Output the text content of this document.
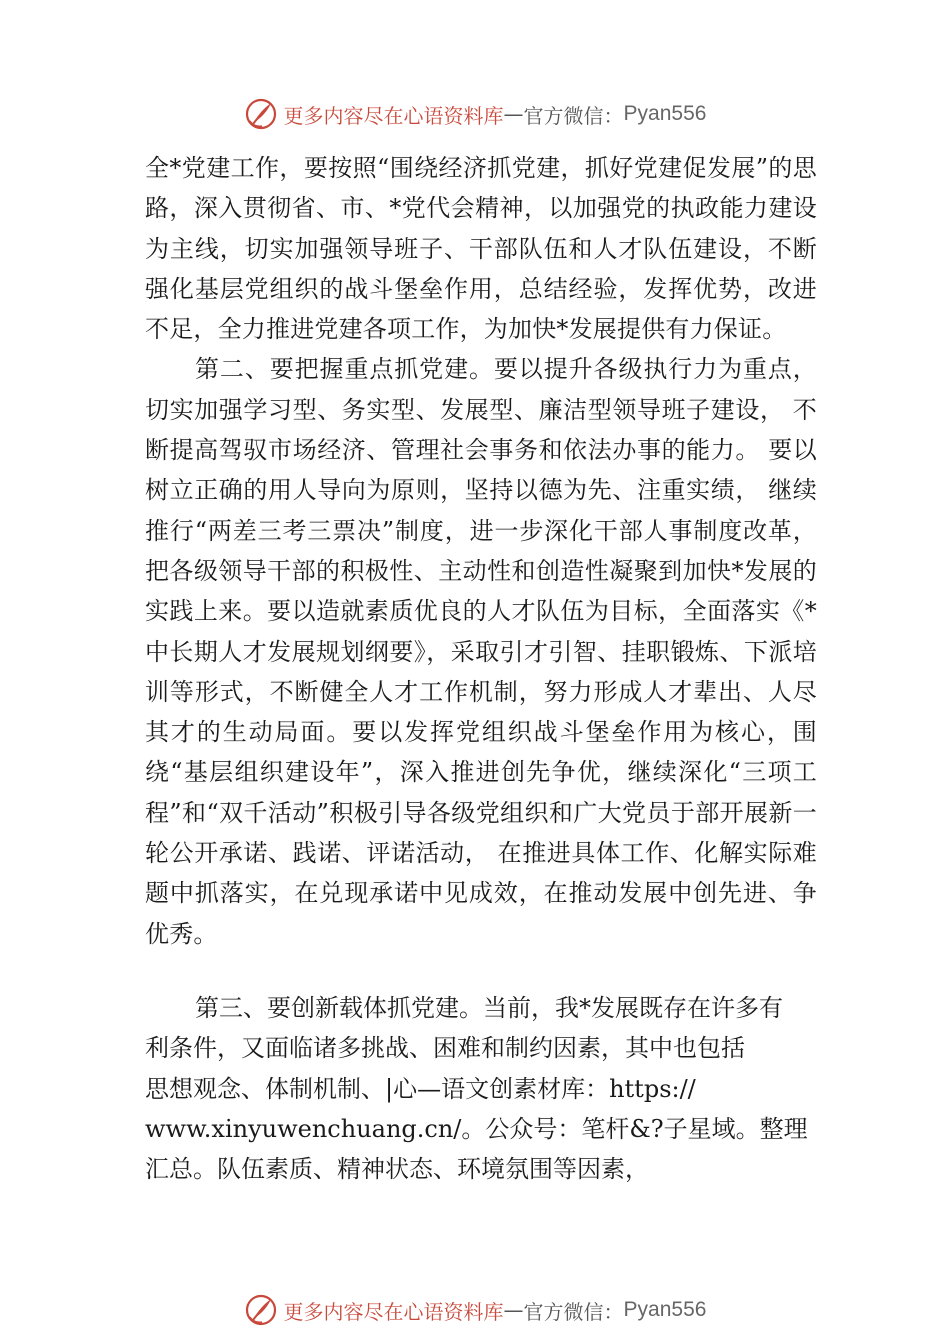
更多内容尽在心语资料库 — 官方微信： Pyan556

全*党建工作，要按照“围绕经济抓党建，抓好党建促发展”的思路，深入贯彻省、市、*党代会精神，以加强党的执政能力建设为主线，切实加强领导班子、干部队伍和人才队伍建设，不断强化基层党组织的战斗堡垒作用，总结经验，发挥优势，改进不足，全力推进党建各项工作，为加快*发展提供有力保证。

第二、要把握重点抓党建。要以提升各级执行力为重点，切实加强学习型、务实型、发展型、廉洁型领导班子建设， 不断提高驾驭市场经济、管理社会事务和依法办事的能力。 要以树立正确的用人导向为原则，坚持以德为先、注重实绩， 继续推行“两差三考三票决”制度，进一步深化干部人事制度改革，把各级领导干部的积极性、主动性和创造性凝聚到加快*发展的实践上来。要以造就素质优良的人才队伍为目标，全面落实《*中长期人才发展规划纲要》，采取引才引智、挂职锻炼、下派培训等形式，不断健全人才工作机制，努力形成人才辈出、人尽其才的生动局面。要以发挥党组织战斗堡垒作用为核心，围绕“基层组织建设年”，深入推进创先争优，继续深化“三项工程”和“双千活动”积极引导各级党组织和广大党员于部开展新一轮公开承诺、践诺、评诺活动， 在推进具体工作、化解实际难题中抓落实，在兑现承诺中见成效，在推动发展中创先进、争优秀。

第三、要创新载体抓党建。当前，我*发展既存在许多有
利条件，又面临诸多挑战、困难和制约因素，其中也包括
思想观念、体制机制、|心—语文创素材库：https://
www.xinyuwenchuang.cn/。公众号：笔杆&?子星域。整理
汇总。队伍素质、精神状态、环境氛围等因素，
更多内容尽在心语资料库 — 官方微信： Pyan556
